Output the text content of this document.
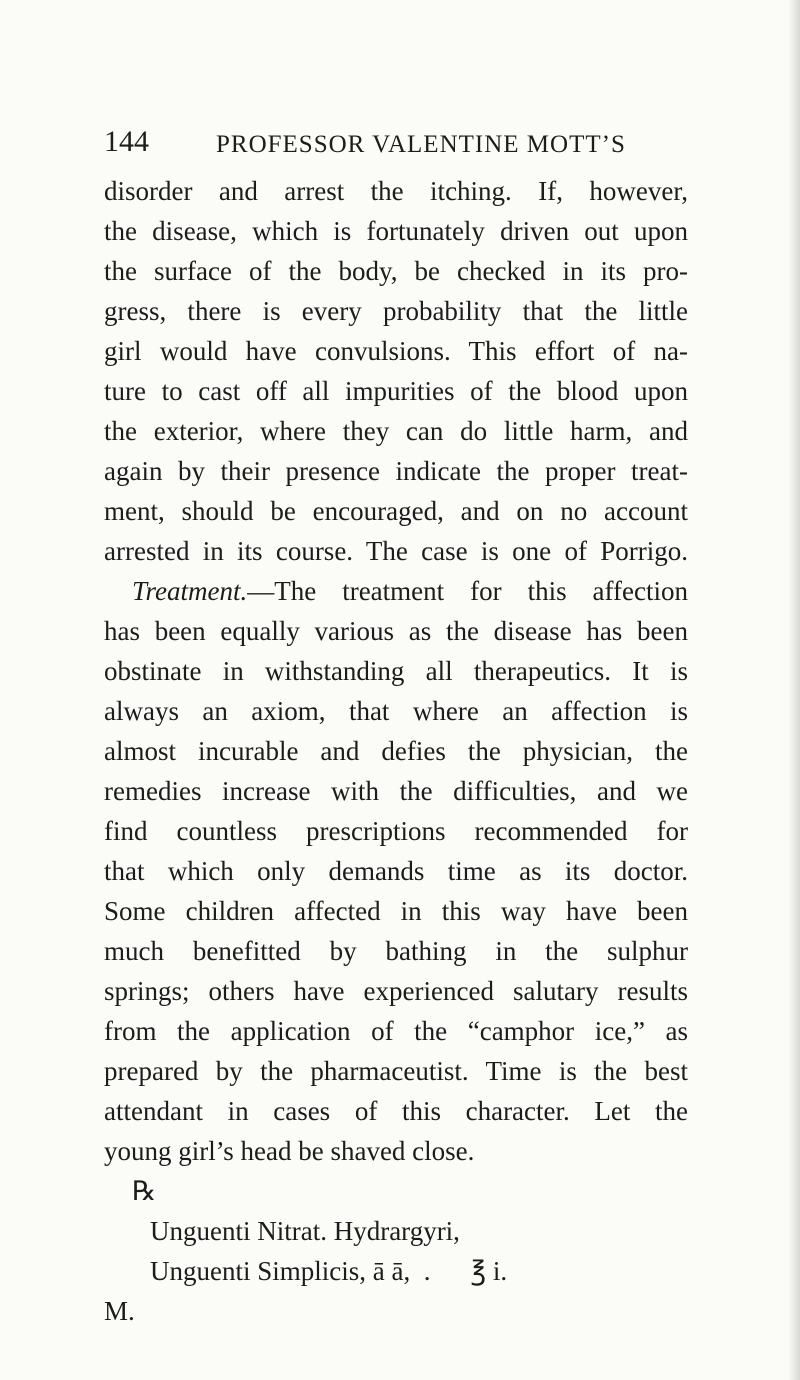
144	PROFESSOR VALENTINE MOTT’S
disorder and arrest the itching. If, however,
the disease, which is fortunately driven out upon
the surface of the body, be checked in its pro-
gress, there is every probability that the little
girl would have convulsions. This effort of na-
ture to cast off all impurities of the blood upon
the exterior, where they can do little harm, and
again by their presence indicate the proper treat-
ment, should be encouraged, and on no account
arrested in its course. The case is one of Porrigo.
Treatment.—The treatment for this affection
has been equally various as the disease has been
obstinate in withstanding all therapeutics. It is
always an axiom, that where an affection is
almost incurable and defies the physician, the
remedies increase with the difficulties, and we
find countless prescriptions recommended for
that which only demands time as its doctor.
Some children affected in this way have been
much benefitted by bathing in the sulphur
springs; others have experienced salutary results
from the application of the “camphor ice,” as
prepared by the pharmaceutist. Time is the best
attendant in cases of this character. Let the
young girl’s head be shaved close.
℞
Unguenti Nitrat. Hydrargyri,
Unguenti Simplicis, ā ā, . ℥ i.
M.
